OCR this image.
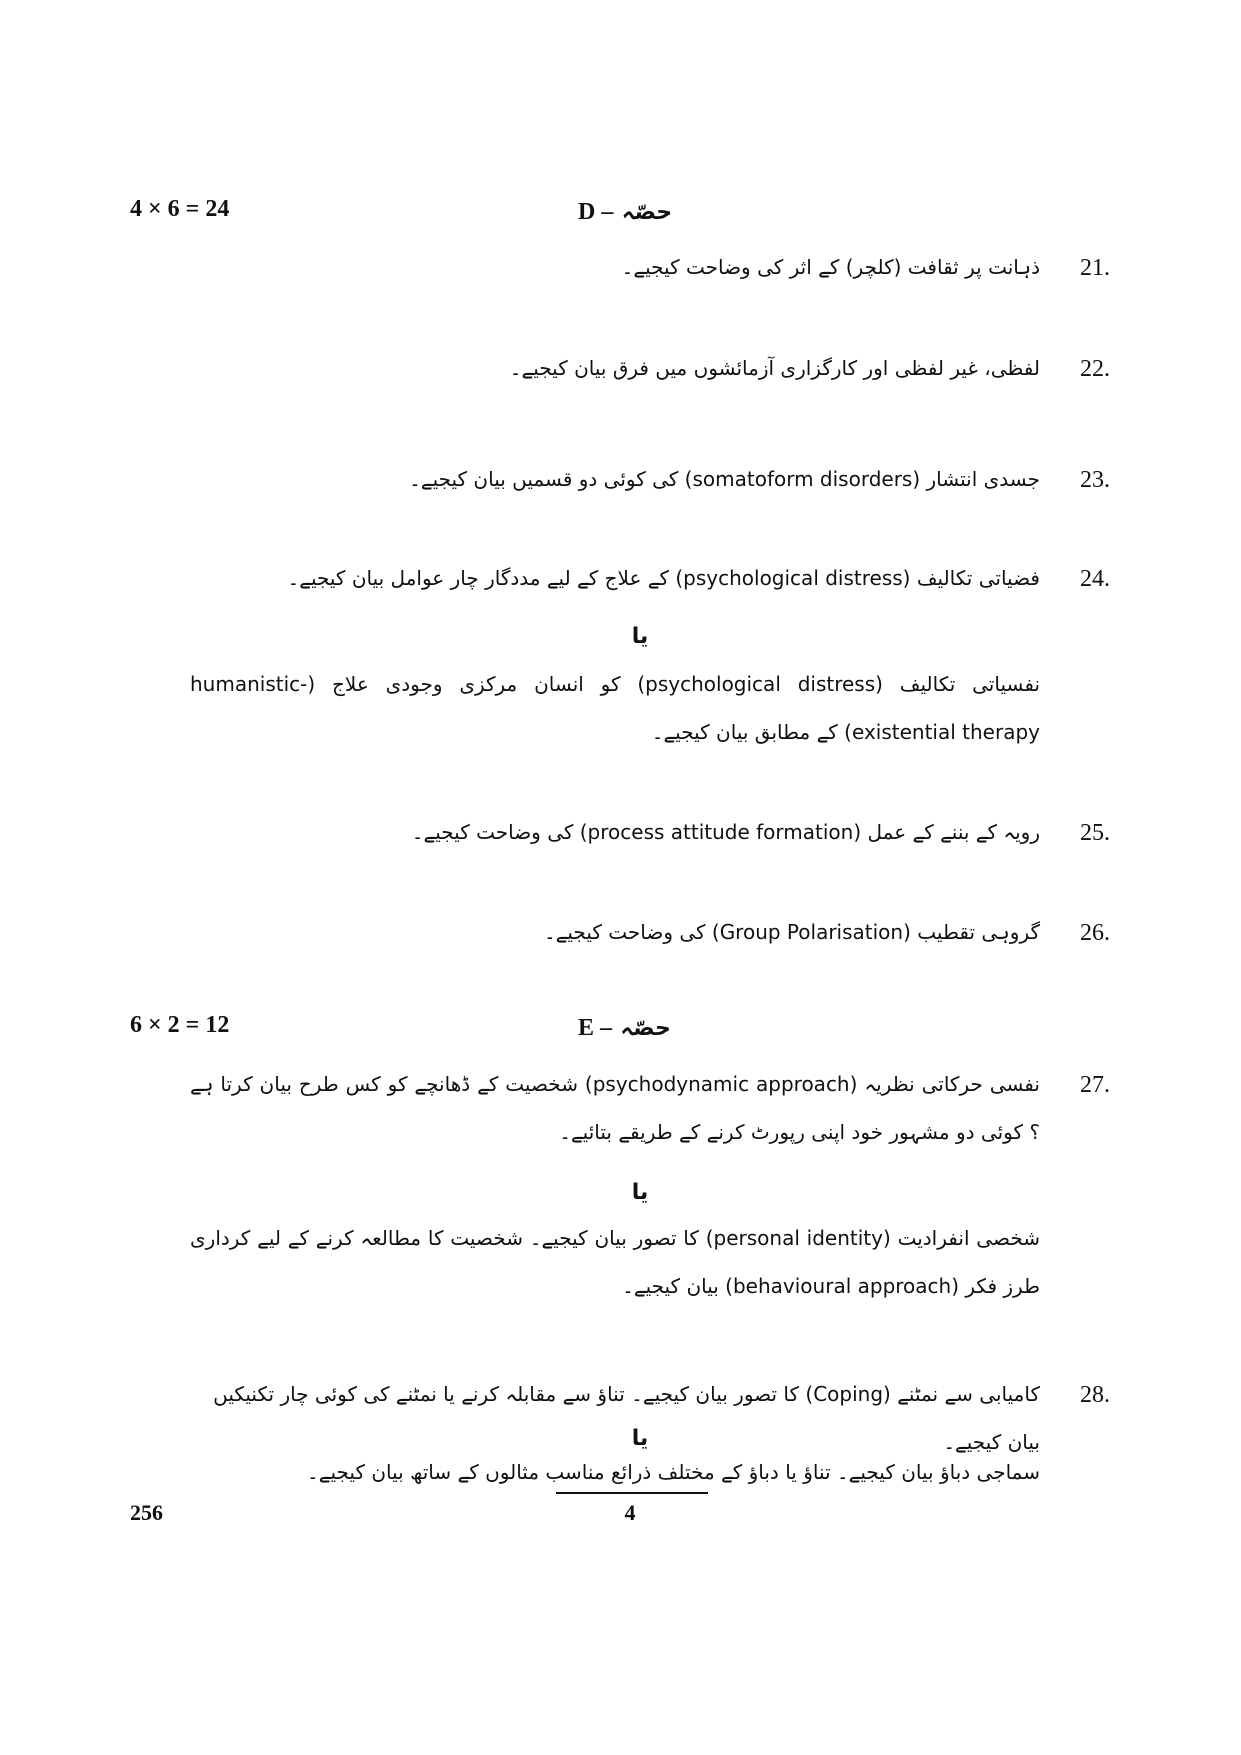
4 × 6 = 24	D – حصّہ
21.
ذہانت پر ثقافت (کلچر) کے اثر کی وضاحت کیجیے۔
22.
لفظی، غیر لفظی اور کارگزاری آزمائشوں میں فرق بیان کیجیے۔
23.
جسدی انتشار (somatoform disorders) کی کوئی دو قسمیں بیان کیجیے۔
24.
فضیاتی تکالیف (psychological distress) کے علاج کے لیے مددگار چار عوامل بیان کیجیے۔
یا
نفسیاتی تکالیف (psychological distress) کو انسان مرکزی وجودی علاج (humanistic-existential therapy) کے مطابق بیان کیجیے۔
25.
رویہ کے بننے کے عمل (process attitude formation) کی وضاحت کیجیے۔
26.
گروہی تقطیب (Group Polarisation) کی وضاحت کیجیے۔
6 × 2 = 12	E – حصّہ
27.
نفسی حرکاتی نظریہ (psychodynamic approach) شخصیت کے ڈھانچے کو کس طرح بیان کرتا ہے ؟ کوئی دو مشہور خود اپنی رپورٹ کرنے کے طریقے بتائیے۔
یا
شخصی انفرادیت (personal identity) کا تصور بیان کیجیے۔ شخصیت کا مطالعہ کرنے کے لیے کرداری طرز فکر (behavioural approach) بیان کیجیے۔
28.
کامیابی سے نمٹنے (Coping) کا تصور بیان کیجیے۔ تناؤ سے مقابلہ کرنے یا نمٹنے کی کوئی چار تکنیکیں بیان کیجیے۔
یا
سماجی دباؤ بیان کیجیے۔ تناؤ یا دباؤ کے مختلف ذرائع مناسب مثالوں کے ساتھ بیان کیجیے۔
256	4
